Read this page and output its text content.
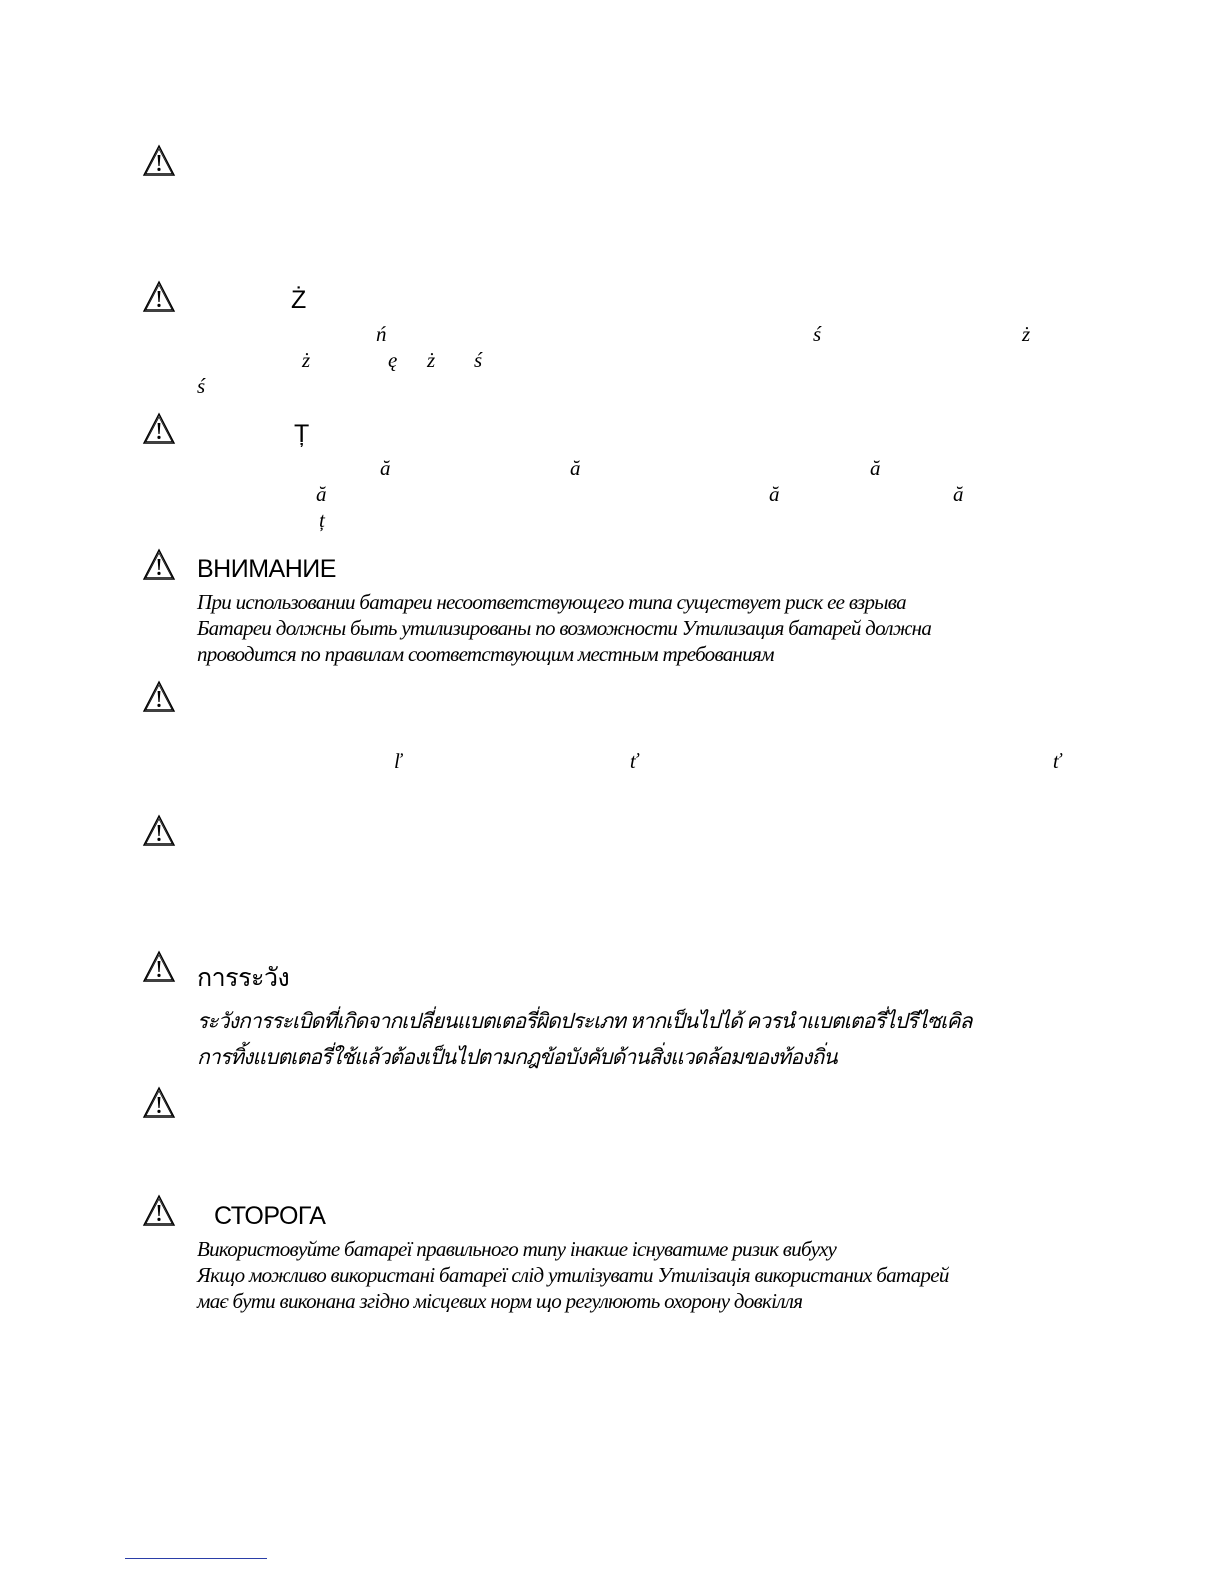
Ż
ń	ś	ż
ż	ę ż ś
ś
Ț
ă	ă	ă
ă	ă	ă
ț
ВНИМАНИЕ
При использовании батареи несоответствующего типа существует риск ее взрыва
Батареи должны быть утилизированы по возможности Утилизация батарей должна
проводится по правилам соответствующим местным требованиям
ľ	ť	ť
การระวัง
ระวังการระเบิดที่เกิดจากเปลี่ยนแบตเตอรี่ผิดประเภท หากเป็นไปได้ ควรนำแบตเตอรี่ไปรีไซเคิล
การทิ้งแบตเตอรี่ใช้แล้วต้องเป็นไปตามกฎข้อบังคับด้านสิ่งแวดล้อมของท้องถิ่น
СТОРОГА
Використовуйте батареї правильного типу інакше існуватиме ризик вибуху
Якщо можливо використані батареї слід утилізувати Утилізація використаних батарей
має бути виконана згідно місцевих норм що регулюють охорону довкілля
